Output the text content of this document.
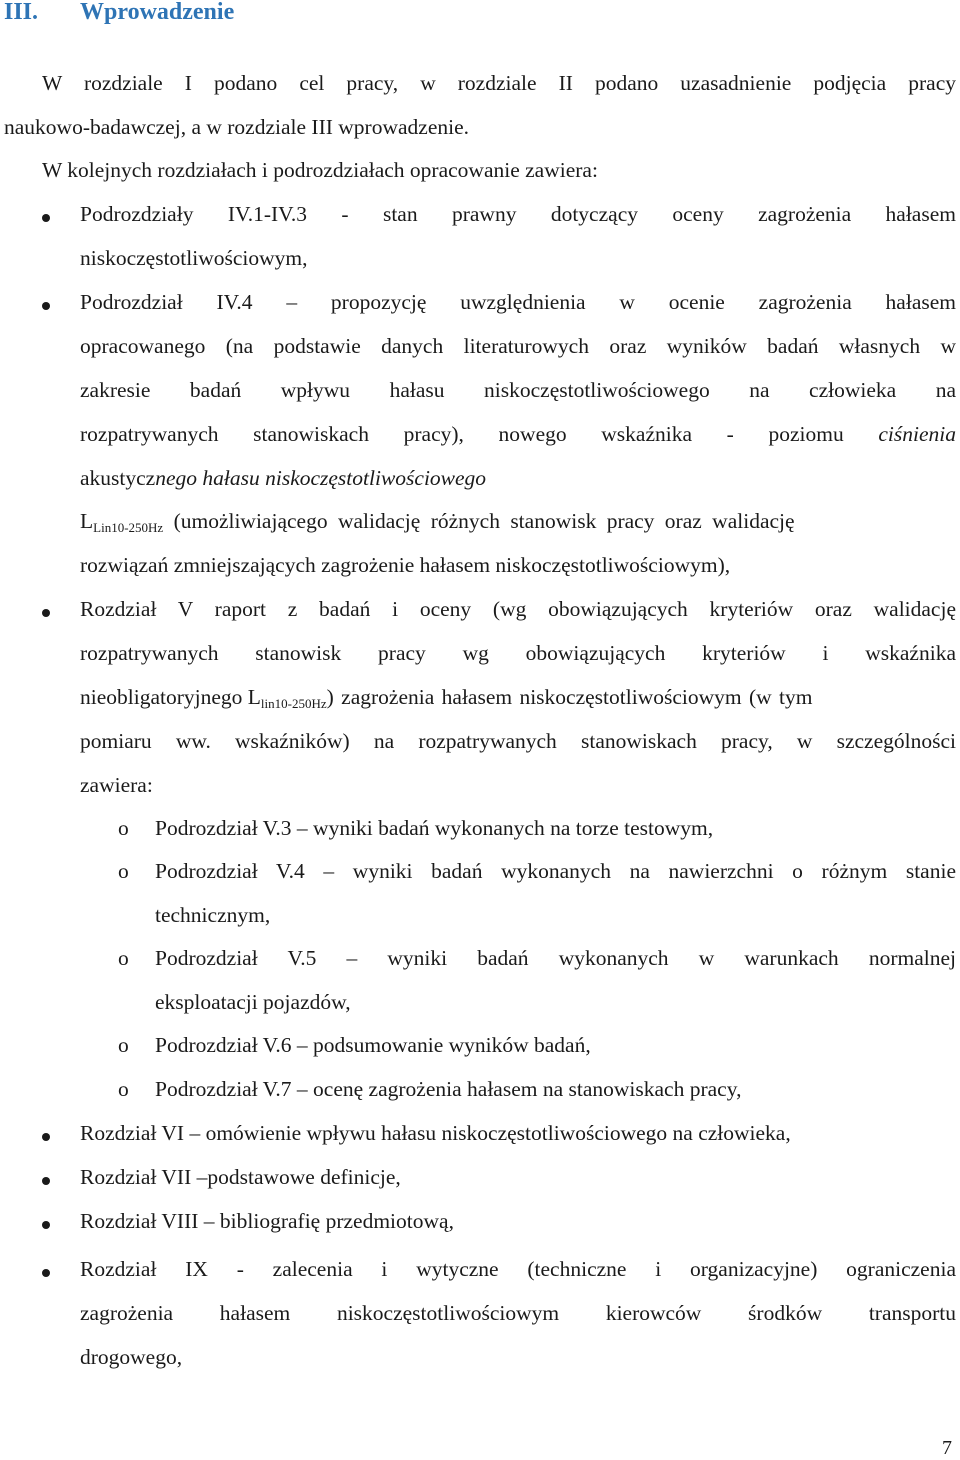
III. Wprowadzenie
W rozdziale I podano cel pracy, w rozdziale II podano uzasadnienie podjęcia pracy
naukowo-badawczej, a w rozdziale III wprowadzenie.
W kolejnych rozdziałach i podrozdziałach opracowanie zawiera:
Podrozdziały IV.1-IV.3 - stan prawny dotyczący oceny zagrożenia hałasem
niskoczęstotliwościowym,
Podrozdział IV.4 – propozycję uwzględnienia w ocenie zagrożenia hałasem
opracowanego (na podstawie danych literaturowych oraz wyników badań własnych w
zakresie badań wpływu hałasu niskoczęstotliwościowego na człowieka na
rozpatrywanych stanowiskach pracy), nowego wskaźnika - poziomu ciśnienia
akustycznego hałasu niskoczęstotliwościowego
$L_{Lin10-250Hz}$ (umożliwiającego walidację różnych stanowisk pracy oraz walidację
rozwiązań zmniejszających zagrożenie hałasem niskoczęstotliwościowym),
Rozdział V raport z badań i oceny (wg obowiązujących kryteriów oraz walidację
rozpatrywanych stanowisk pracy wg obowiązujących kryteriów i wskaźnika
nieobligatoryjnego $L_{lin10-250Hz}$) zagrożenia hałasem niskoczęstotliwościowym (w tym
pomiaru ww. wskaźników) na rozpatrywanych stanowiskach pracy, w szczególności
zawiera:
o Podrozdział V.3 – wyniki badań wykonanych na torze testowym,
o Podrozdział V.4 – wyniki badań wykonanych na nawierzchni o różnym stanie
technicznym,
o Podrozdział V.5 – wyniki badań wykonanych w warunkach normalnej
eksploatacji pojazdów,
o Podrozdział V.6 – podsumowanie wyników badań,
o Podrozdział V.7 – ocenę zagrożenia hałasem na stanowiskach pracy,
Rozdział VI – omówienie wpływu hałasu niskoczęstotliwościowego na człowieka,
Rozdział VII –podstawowe definicje,
Rozdział VIII – bibliografię przedmiotową,
Rozdział IX - zalecenia i wytyczne (techniczne i organizacyjne) ograniczenia
zagrożenia hałasem niskoczęstotliwościowym kierowców środków transportu
drogowego,
7
